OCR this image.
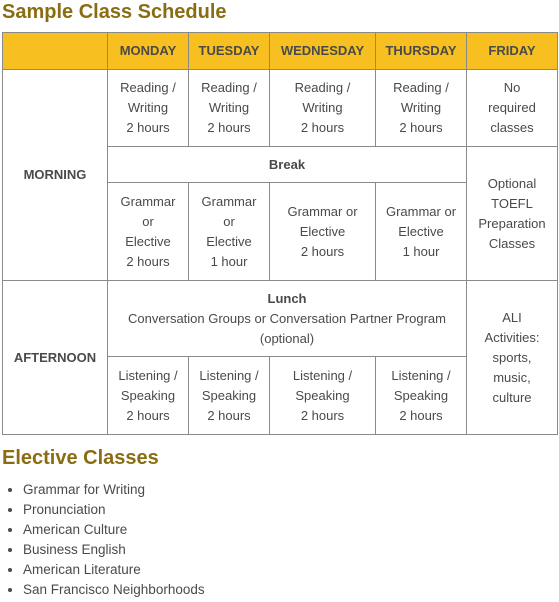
Sample Class Schedule
	MONDAY	TUESDAY	WEDNESDAY	THURSDAY	FRIDAY
MORNING	Reading /
Writing
2 hours	Reading /
Writing
2 hours	Reading /
Writing
2 hours	Reading /
Writing
2 hours	No
required
classes

	Break				Optional
TOEFL
Preparation
Classes

	Grammar
or
Elective
2 hours	Grammar
or
Elective
1 hour	Grammar or
Elective
2 hours	Grammar or
Elective
1 hour	

AFTERNOON	Lunch
Conversation Groups or Conversation Partner Program
(optional)				ALI
Activities:
sports,
music,
culture

	Listening /
Speaking
2 hours	Listening /
Speaking
2 hours	Listening /
Speaking
2 hours	Listening /
Speaking
2 hours	
Elective Classes
• Grammar for Writing
• Pronunciation
• American Culture
• Business English
• American Literature
• San Francisco Neighborhoods
